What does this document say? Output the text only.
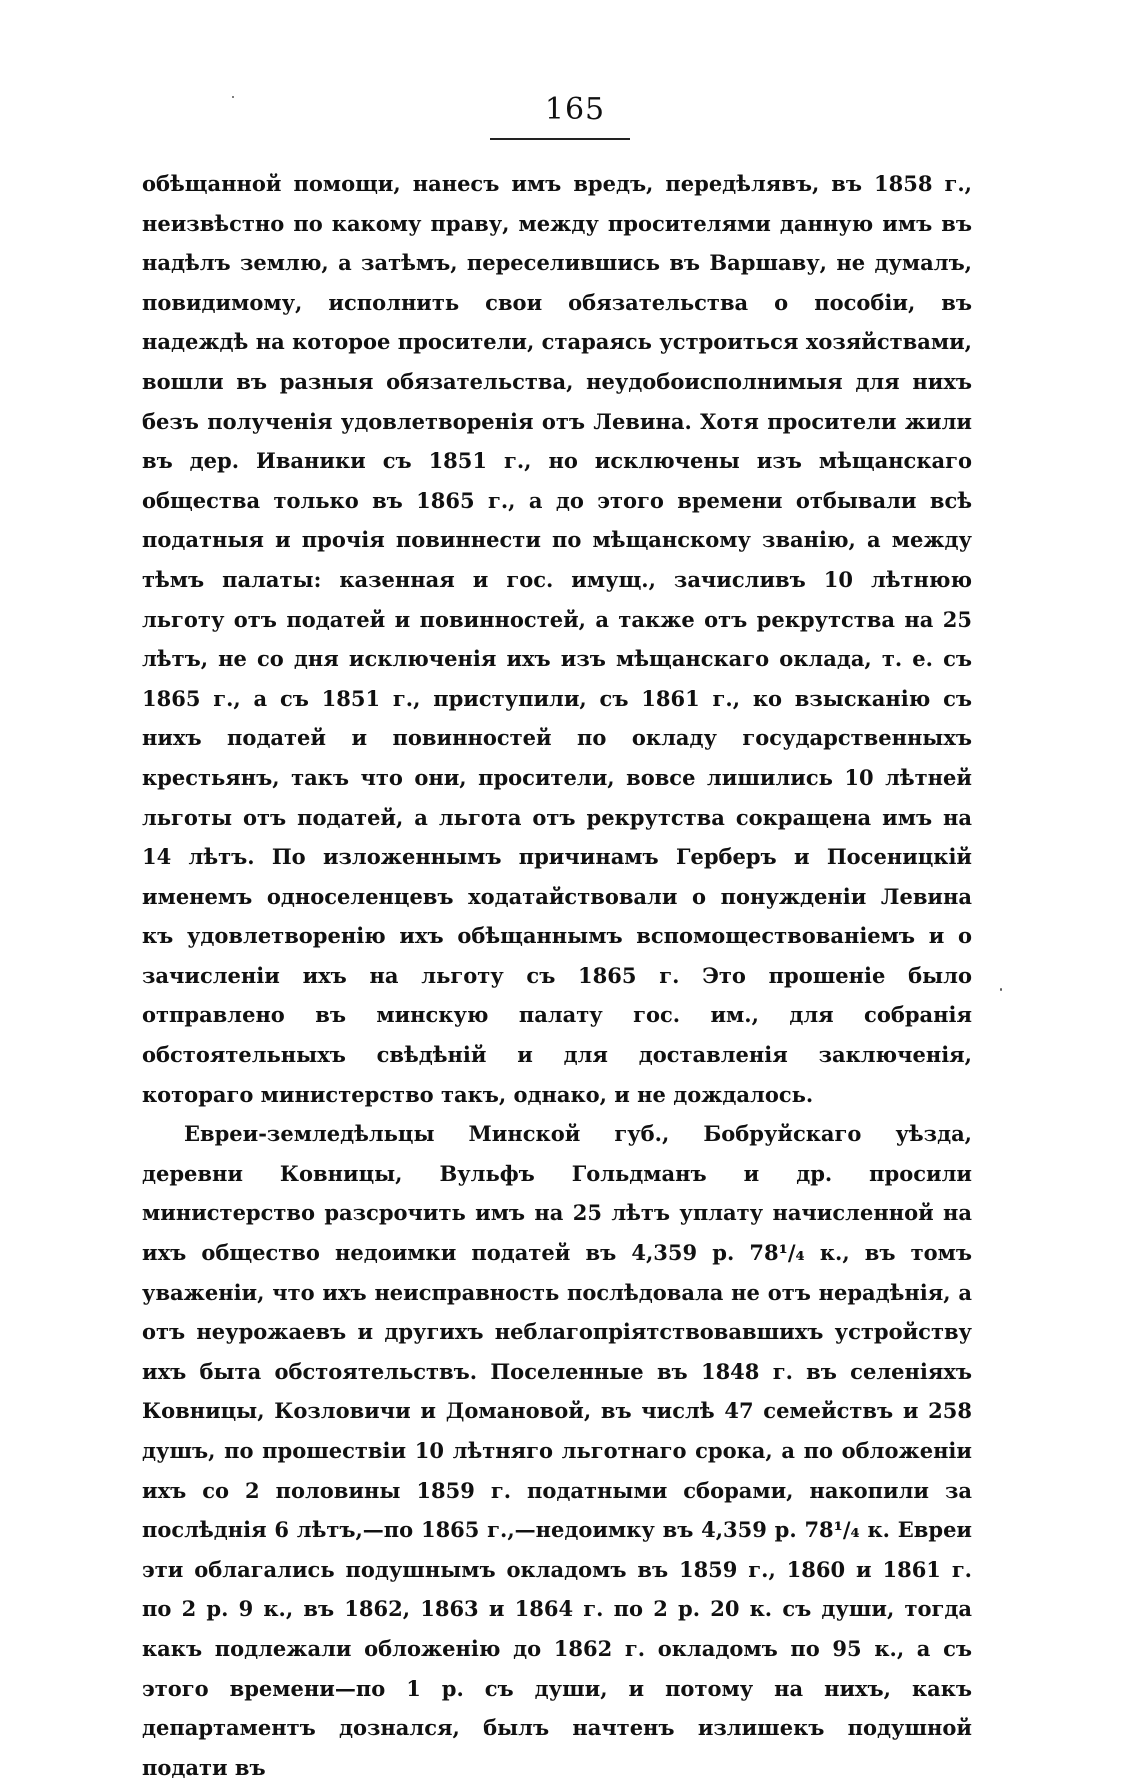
165

обѣщанной помощи, нанесъ имъ вредъ, передѣлявъ, въ 1858 г., неизвѣстно по какому праву, между просителями данную имъ въ надѣлъ землю, а затѣмъ, переселившись въ Варшаву, не думалъ, повидимому, исполнить свои обязательства о пособіи, въ надеждѣ на которое просители, стараясь устроиться хозяйствами, вошли въ разныя обязательства, неудобоисполнимыя для нихъ безъ полученія удовлетворенія отъ Левина. Хотя просители жили въ дер. Иваники съ 1851 г., но исключены изъ мѣщанскаго общества только въ 1865 г., а до этого времени отбывали всѣ податныя и прочія повиннести по мѣщанскому званію, а между тѣмъ палаты: казенная и гос. имущ., зачисливъ 10 лѣтнюю льготу отъ податей и повинностей, а также отъ рекрутства на 25 лѣтъ, не со дня исключенія ихъ изъ мѣщанскаго оклада, т. е. съ 1865 г., а съ 1851 г., приступили, съ 1861 г., ко взысканію съ нихъ податей и повинностей по окладу государственныхъ крестьянъ, такъ что они, просители, вовсе лишились 10 лѣтней льготы отъ податей, а льгота отъ рекрутства сокращена имъ на 14 лѣтъ. По изложеннымъ причинамъ Герберъ и Посеницкій именемъ односеленцевъ ходатайствовали о понужденіи Левина къ удовлетворенію ихъ обѣщаннымъ вспомоществованіемъ и о зачисленіи ихъ на льготу съ 1865 г. Это прошеніе было отправлено въ минскую палату гос. им., для собранія обстоятельныхъ свѣдѣній и для доставленія заключенія, котораго министерство такъ, однако, и не дождалось.

Евреи-земледѣльцы Минской губ., Бобруйскаго уѣзда, деревни Ковницы, Вульфъ Гольдманъ и др. просили министерство разсрочить имъ на 25 лѣтъ уплату начисленной на ихъ общество недоимки податей въ 4,359 р. 78¹/₄ к., въ томъ уваженіи, что ихъ неисправность послѣдовала не отъ нерадѣнія, а отъ неурожаевъ и другихъ неблагопріятствовавшихъ устройству ихъ быта обстоятельствъ. Поселенные въ 1848 г. въ селеніяхъ Ковницы, Козловичи и Домановой, въ числѣ 47 семействъ и 258 душъ, по прошествіи 10 лѣтняго льготнаго срока, а по обложеніи ихъ со 2 половины 1859 г. податными сборами, накопили за послѣднія 6 лѣтъ,—по 1865 г.,—недоимку въ 4,359 р. 78¹/₄ к. Евреи эти облагались подушнымъ окладомъ въ 1859 г., 1860 и 1861 г. по 2 р. 9 к., въ 1862, 1863 и 1864 г. по 2 р. 20 к. съ души, тогда какъ подлежали обложенію до 1862 г. окладомъ по 95 к., а съ этого времени—по 1 р. съ души, и потому на нихъ, какъ департаментъ дознался, былъ начтенъ излишекъ подушной подати въ
